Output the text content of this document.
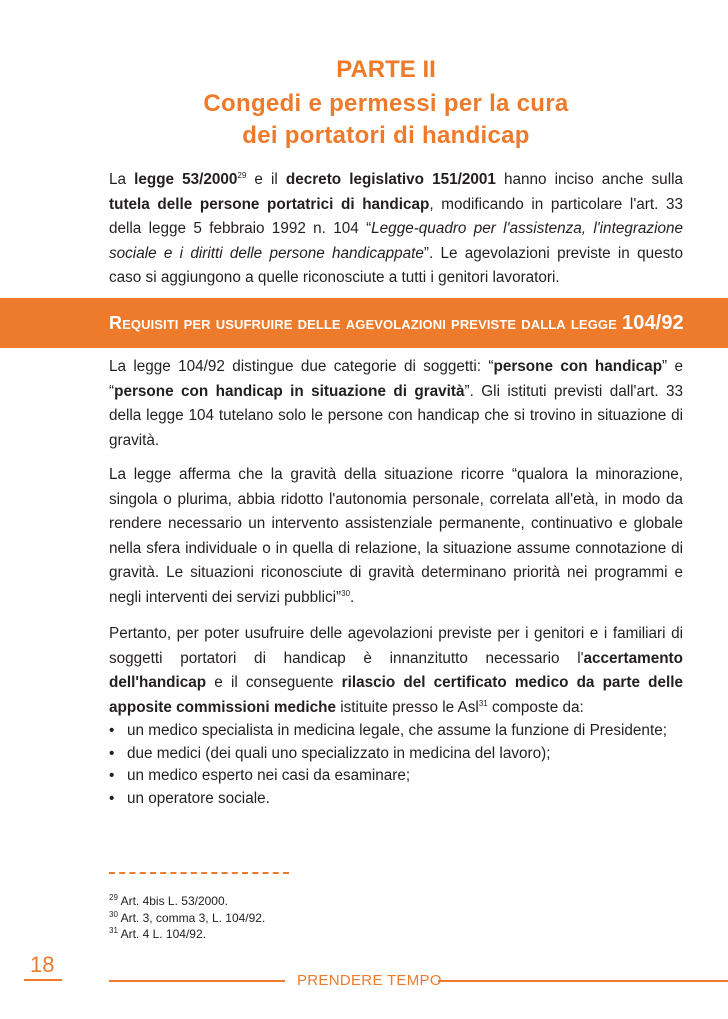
PARTE II
Congedi e permessi per la cura
dei portatori di handicap

La legge 53/2000$^{29}$ e il decreto legislativo 151/2001 hanno inciso anche sulla tutela delle persone portatrici di handicap, modificando in particolare l'art. 33 della legge 5 febbraio 1992 n. 104 “Legge-quadro per l'assistenza, l'integrazione sociale e i diritti delle persone handicappate”. Le agevolazioni previste in questo caso si aggiungono a quelle riconosciute a tutti i genitori lavoratori.

Requisiti per usufruire delle agevolazioni previste dalla legge 104/92

La legge 104/92 distingue due categorie di soggetti: “persone con handicap” e “persone con handicap in situazione di gravità”. Gli istituti previsti dall'art. 33 della legge 104 tutelano solo le persone con handicap che si trovino in situazione di gravità.

La legge afferma che la gravità della situazione ricorre “qualora la minorazione, singola o plurima, abbia ridotto l'autonomia personale, correlata all'età, in modo da rendere necessario un intervento assistenziale permanente, continuativo e globale nella sfera individuale o in quella di relazione, la situazione assume connotazione di gravità. Le situazioni riconosciute di gravità determinano priorità nei programmi e negli interventi dei servizi pubblici”$^{30}$.

Pertanto, per poter usufruire delle agevolazioni previste per i genitori e i familiari di soggetti portatori di handicap è innanzitutto necessario l'accertamento dell'handicap e il conseguente rilascio del certificato medico da parte delle apposite commissioni mediche istituite presso le Asl$^{31}$ composte da:

• un medico specialista in medicina legale, che assume la funzione di Presidente;
• due medici (dei quali uno specializzato in medicina del lavoro);
• un medico esperto nei casi da esaminare;
• un operatore sociale.
$^{29}$ Art. 4bis L. 53/2000.
$^{30}$ Art. 3, comma 3, L. 104/92.
$^{31}$ Art. 4 L. 104/92.
18
PRENDERE TEMPO
